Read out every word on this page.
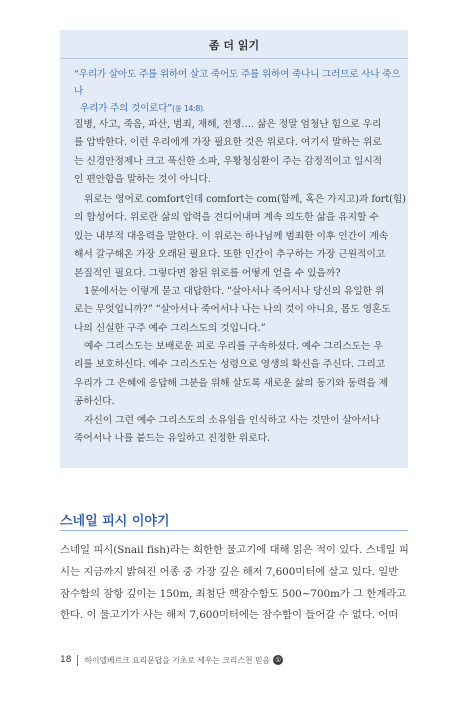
좀 더 읽기
“우리가 살아도 주를 위하여 살고 죽어도 주를 위하여 죽나니 그러므로 사나 죽으나
우리가 주의 것이로다”(롬 14:8).
질병, 사고, 죽음, 파산, 범죄, 재해, 전쟁…. 삶은 정말 엄청난 힘으로 우리
를 압박한다. 이런 우리에게 가장 필요한 것은 위로다. 여기서 말하는 위로
는 신경안정제나 크고 푹신한 소파, 우황청심환이 주는 감정적이고 일시적
인 편안함을 말하는 것이 아니다.
위로는 영어로 comfort인데 comfort는 com(함께, 혹은 가지고)과 fort(힘)
의 합성어다. 위로란 삶의 압력을 견디어내며 계속 의도한 삶을 유지할 수
있는 내부적 대응력을 말한다. 이 위로는 하나님께 범죄한 이후 인간이 계속
해서 갈구해온 가장 오래된 필요다. 또한 인간이 추구하는 가장 근원적이고
본질적인 필요다. 그렇다면 참된 위로를 어떻게 얻을 수 있을까?
1문에서는 이렇게 묻고 대답한다. “살아서나 죽어서나 당신의 유일한 위
로는 무엇입니까?” “살아서나 죽어서나 나는 나의 것이 아니요, 몸도 영혼도
나의 신실한 구주 예수 그리스도의 것입니다.”
예수 그리스도는 보배로운 피로 우리를 구속하셨다. 예수 그리스도는 우
리를 보호하신다. 예수 그리스도는 성령으로 영생의 확신을 주신다. 그리고
우리가 그 은혜에 응답해 그분을 위해 살도록 새로운 삶의 동기와 동력을 제
공하신다.
자신이 그런 예수 그리스도의 소유임을 인식하고 사는 것만이 살아서나
죽어서나 나를 붙드는 유일하고 진정한 위로다.
스네일 피시 이야기
스네일 피시(Snail fish)라는 희한한 물고기에 대해 읽은 적이 있다. 스네일 피
시는 지금까지 밝혀진 어종 중 가장 깊은 해저 7,600미터에 살고 있다. 일반
잠수함의 잠항 깊이는 150m, 최첨단 핵잠수함도 500~700m가 그 한계라고
한다. 이 물고기가 사는 해저 7,600미터에는 잠수함이 들어갈 수 없다. 어떠
18 하이델베르크 요리문답을 기초로 세우는 크리스천 믿음 ①
